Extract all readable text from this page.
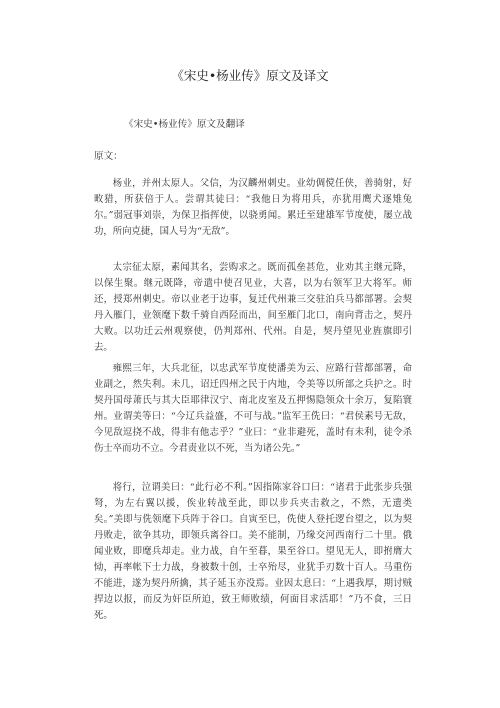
《宋史•杨业传》原文及译文
《宋史•杨业传》原文及翻译
原文：

杨业，并州太原人。父信，为汉麟州刺史。业幼倜傥任侠，善骑射，好畋猎，所获倍于人。尝谓其徒曰：“我他日为将用兵，亦犹用鹰犬逐雉兔尔。”弱冠事刘崇，为保卫指挥使，以骁勇闻。累迁至建雄军节度使，屡立战功，所向克捷，国人号为“无敌”。

太宗征太原，素闻其名，尝购求之。既而孤垒甚危，业劝其主继元降，以保生聚。继元既降，帝遣中使召见业，大喜，以为右领军卫大将军。师还，授郑州刺史。帝以业老于边事，复迁代州兼三交驻泊兵马都部署。会契丹入雁门，业领麾下数千骑自西陉而出，间至雁门北口，南向背击之，契丹大败。以功迁云州观察使，仍判郑州、代州。自是，契丹望见业旌旗即引去。

雍熙三年，大兵北征，以忠武军节度使潘美为云、应路行营都部署，命业副之，然失利。未几，诏迁四州之民于内地，令美等以所部之兵护之。时契丹国母萧氏与其大臣耶律汉宁、南北皮室及五押惕隐领众十余万，复陷寰州。业谓美等曰：“今辽兵益盛，不可与战。”监军王侁曰：“君侯素号无敌，今见敌逗挠不战，得非有他志乎？”业曰：“业非避死，盖时有未利，徒令杀伤士卒而功不立。今君责业以不死，当为诸公先。”

将行，泣谓美曰：“此行必不利。”因指陈家谷口曰：“诸君于此张步兵强弩，为左右翼以援，俟业转战至此，即以步兵夹击救之，不然，无遗类矣。”美即与侁领麾下兵阵于谷口。自寅至巳，侁使人登托逻台望之，以为契丹败走，欲争其功，即领兵离谷口。美不能制，乃缘交河西南行二十里。俄闻业败，即麾兵却走。业力战，自午至暮，果至谷口。望见无人，即拊膺大恸，再率帐下士力战，身被数十创，士卒殆尽，业犹手刃数十百人。马重伤不能进，遂为契丹所擒，其子延玉亦没焉。业因太息曰：“上遇我厚，期讨贼捍边以报，而反为奸臣所迫，致王师败绩，何面目求活耶！”乃不食，三日死。
